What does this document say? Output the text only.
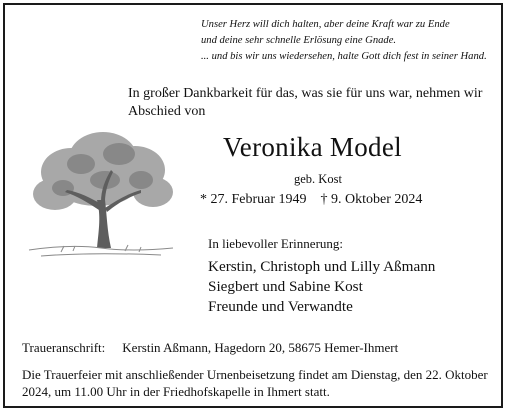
Unser Herz will dich halten, aber deine Kraft war zu Ende
und deine sehr schnelle Erlösung eine Gnade.
... und bis wir uns wiedersehen, halte Gott dich fest in seiner Hand.
In großer Dankbarkeit für das, was sie für uns war, nehmen wir Abschied von
Veronika Model
geb. Kost
* 27. Februar 1949 † 9. Oktober 2024
In liebevoller Erinnerung:
Kerstin, Christoph und Lilly Aßmann
Siegbert und Sabine Kost
Freunde und Verwandte
Traueranschrift: Kerstin Aßmann, Hagedorn 20, 58675 Hemer-Ihmert
Die Trauerfeier mit anschließender Urnenbeisetzung findet am Dienstag, den 22. Oktober 2024, um 11.00 Uhr in der Friedhofskapelle in Ihmert statt.
